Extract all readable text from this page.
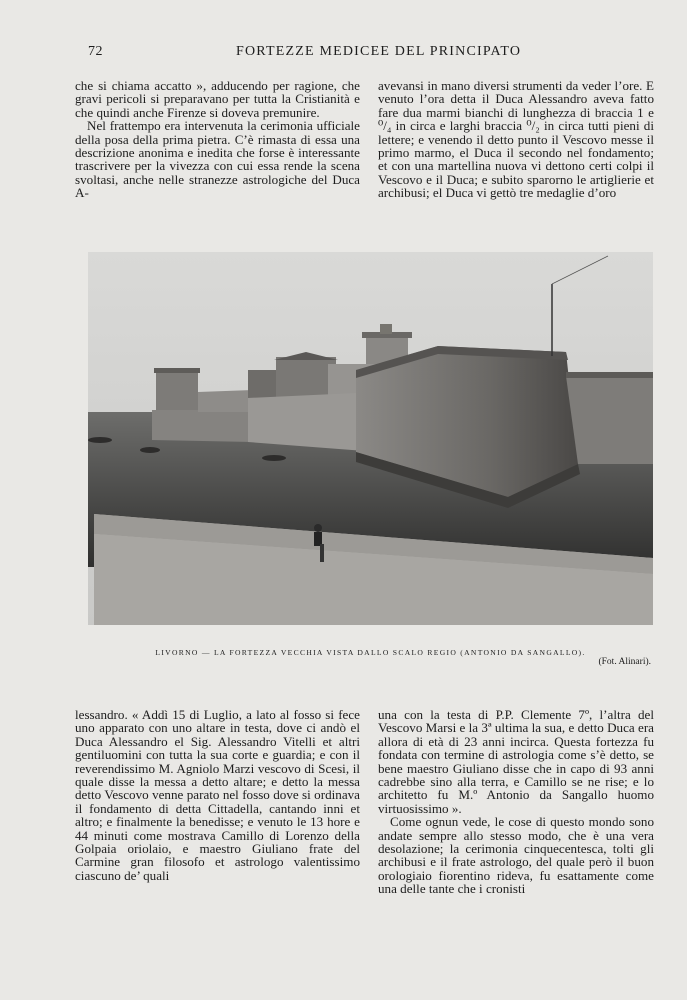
72	FORTEZZE MEDICEE DEL PRINCIPATO

che si chiama accatto », adducendo per ragione, che gravi pericoli si preparavano per tutta la Cristianità e che quindi anche Firenze si doveva premunire.

Nel frattempo era intervenuta la cerimonia ufficiale della posa della prima pietra. C’è rimasta di essa una descrizione anonima e inedita che forse è interessante trascrivere per la vivezza con cui essa rende la scena svoltasi, anche nelle stranezze astrologiche del Duca A-

avevansi in mano diversi strumenti da veder l’ore. E venuto l’ora detta il Duca Alessandro aveva fatto fare dua marmi bianchi di lunghezza di braccia 1 e ⁰/₄ in circa e larghi braccia ⁰/₂ in circa tutti pieni di lettere; e venendo il detto punto il Vescovo messe il primo marmo, el Duca il secondo nel fondamento; et con una martellina nuova vi dettono certi colpi il Vescovo e il Duca; e subito sparorno le artiglierie et archibusi; el Duca vi gettò tre medaglie d’oro

LIVORNO — LA FORTEZZA VECCHIA VISTA DALLO SCALO REGIO (ANTONIO DA SANGALLO).
(Fot. Alinari).

lessandro. « Addì 15 di Luglio, a lato al fosso si fece uno apparato con uno altare in testa, dove ci andò el Duca Alessandro el Sig. Alessandro Vitelli et altri gentiluomini con tutta la sua corte e guardia; e con il reverendissimo M. Agniolo Marzi vescovo di Scesi, il quale disse la messa a detto altare; e detto la messa detto Vescovo venne parato nel fosso dove si ordinava il fondamento di detta Cittadella, cantando inni et altro; e finalmente la benedisse; e venuto le 13 hore e 44 minuti come mostrava Camillo di Lorenzo della Golpaia oriolaio, e maestro Giuliano frate del Carmine gran filosofo et astrologo valentissimo ciascuno de’ quali

una con la testa di P.P. Clemente 7º, l’altra del Vescovo Marsi e la 3ª ultima la sua, e detto Duca era allora di età di 23 anni incirca. Questa fortezza fu fondata con termine di astrologia come s’è detto, se bene maestro Giuliano disse che in capo di 93 anni cadrebbe sino alla terra, e Camillo se ne rise; e lo architetto fu M.º Antonio da Sangallo huomo virtuosissimo ».

Come ognun vede, le cose di questo mondo sono andate sempre allo stesso modo, che è una vera desolazione; la cerimonia cinquecentesca, tolti gli archibusi e il frate astrologo, del quale però il buon orologiaio fiorentino rideva, fu esattamente come una delle tante che i cronisti
